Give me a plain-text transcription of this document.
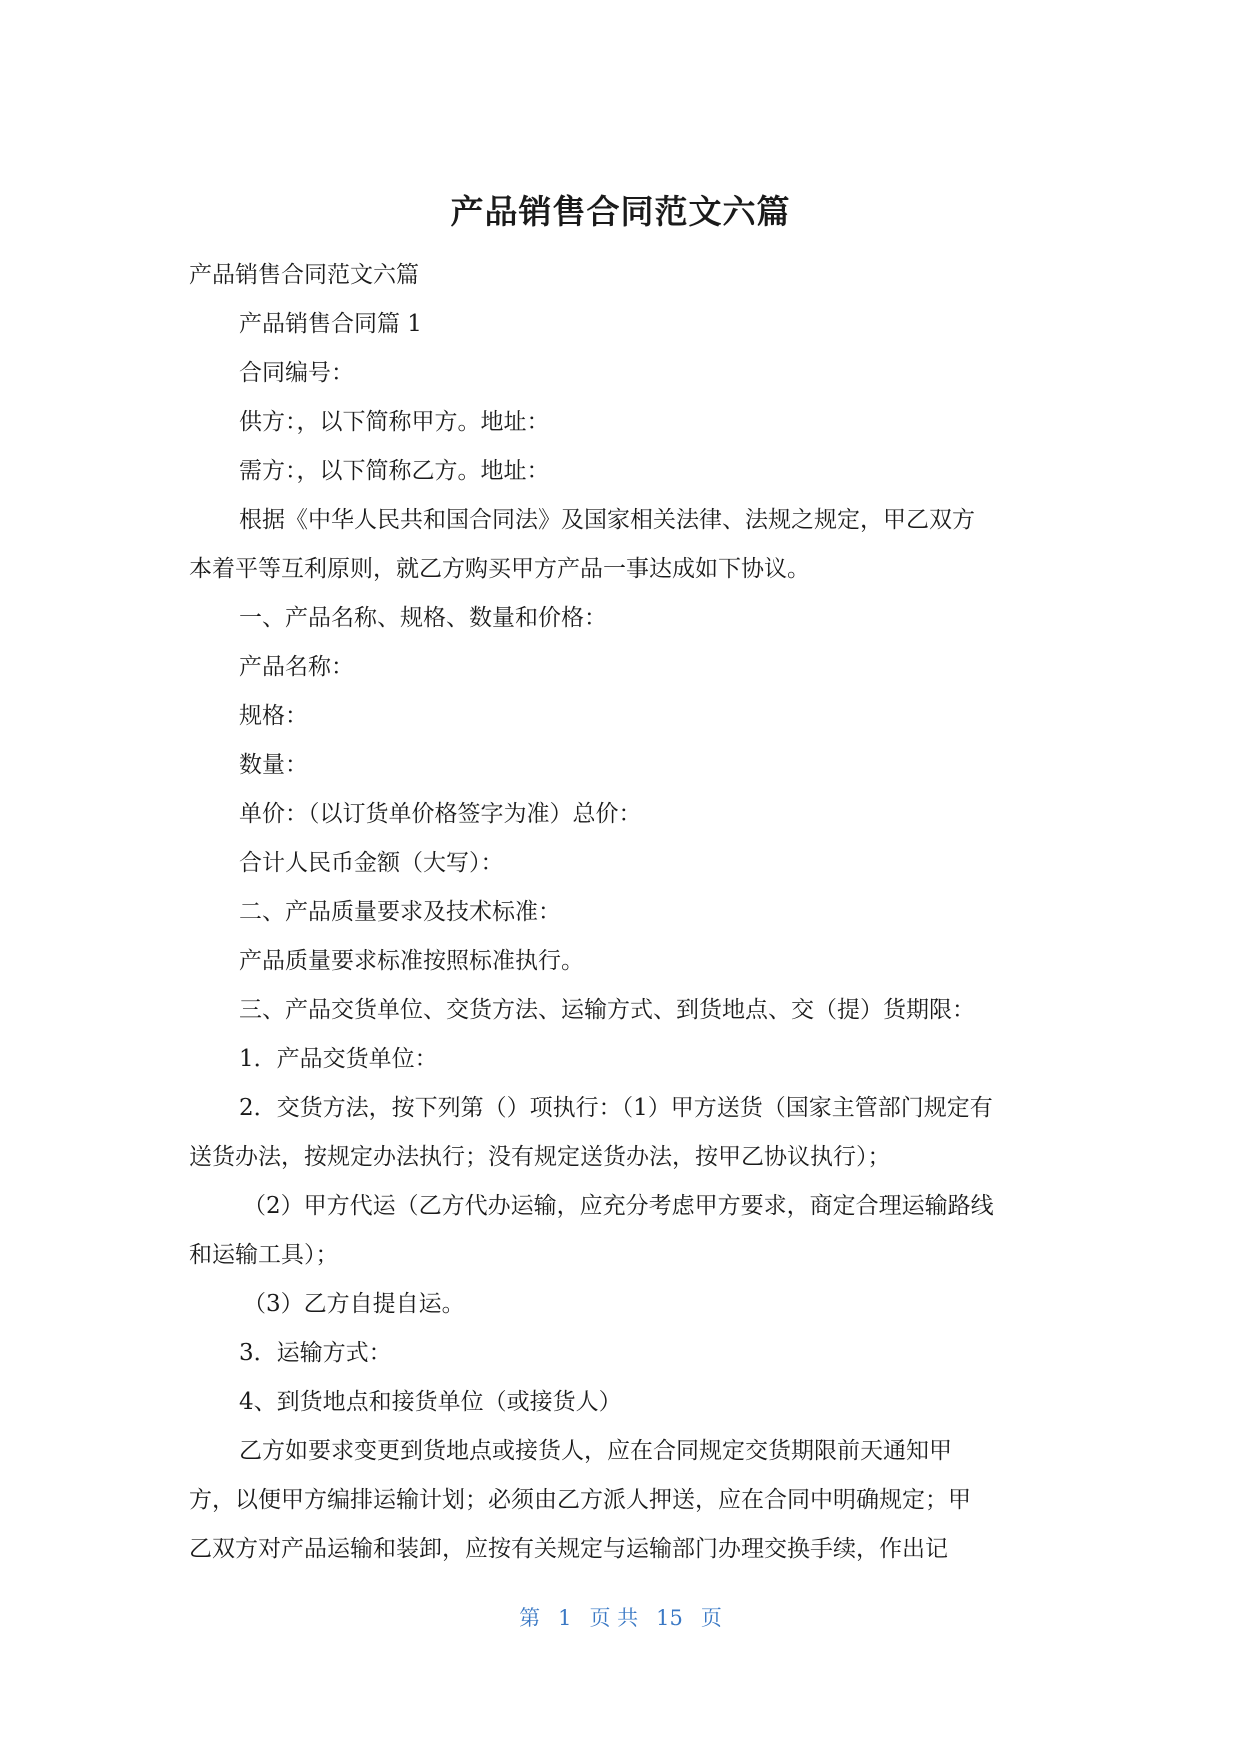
产品销售合同范文六篇

产品销售合同范文六篇

产品销售合同篇 1

合同编号：

供方：，以下简称甲方。地址：

需方：，以下简称乙方。地址：

根据《中华人民共和国合同法》及国家相关法律、法规之规定，甲乙双方

本着平等互利原则，就乙方购买甲方产品一事达成如下协议。

一、产品名称、规格、数量和价格：

产品名称：

规格：

数量：

单价：（以订货单价格签字为准）总价：

合计人民币金额（大写）：

二、产品质量要求及技术标准：

产品质量要求标准按照标准执行。

三、产品交货单位、交货方法、运输方式、到货地点、交（提）货期限：

1．产品交货单位：

2．交货方法，按下列第（）项执行：（1）甲方送货（国家主管部门规定有

送货办法，按规定办法执行；没有规定送货办法，按甲乙协议执行）；

（2）甲方代运（乙方代办运输，应充分考虑甲方要求，商定合理运输路线

和运输工具）；

（3）乙方自提自运。

3．运输方式：

4、到货地点和接货单位（或接货人）

乙方如要求变更到货地点或接货人，应在合同规定交货期限前天通知甲

方，以便甲方编排运输计划；必须由乙方派人押送，应在合同中明确规定；甲

乙双方对产品运输和装卸，应按有关规定与运输部门办理交换手续，作出记

第 1 页 共 15 页
